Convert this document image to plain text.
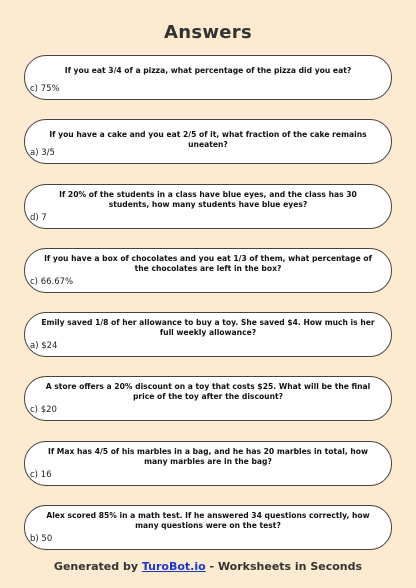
Answers
If you eat 3/4 of a pizza, what percentage of the pizza did you eat?
c) 75%
If you have a cake and you eat 2/5 of it, what fraction of the cake remains uneaten?
a) 3/5
If 20% of the students in a class have blue eyes, and the class has 30 students, how many students have blue eyes?
d) 7
If you have a box of chocolates and you eat 1/3 of them, what percentage of the chocolates are left in the box?
c) 66.67%
Emily saved 1/8 of her allowance to buy a toy. She saved $4. How much is her full weekly allowance?
a) $24
A store offers a 20% discount on a toy that costs $25. What will be the final price of the toy after the discount?
c) $20
If Max has 4/5 of his marbles in a bag, and he has 20 marbles in total, how many marbles are in the bag?
c) 16
Alex scored 85% in a math test. If he answered 34 questions correctly, how many questions were on the test?
b) 50
Generated by TuroBot.io - Worksheets in Seconds
